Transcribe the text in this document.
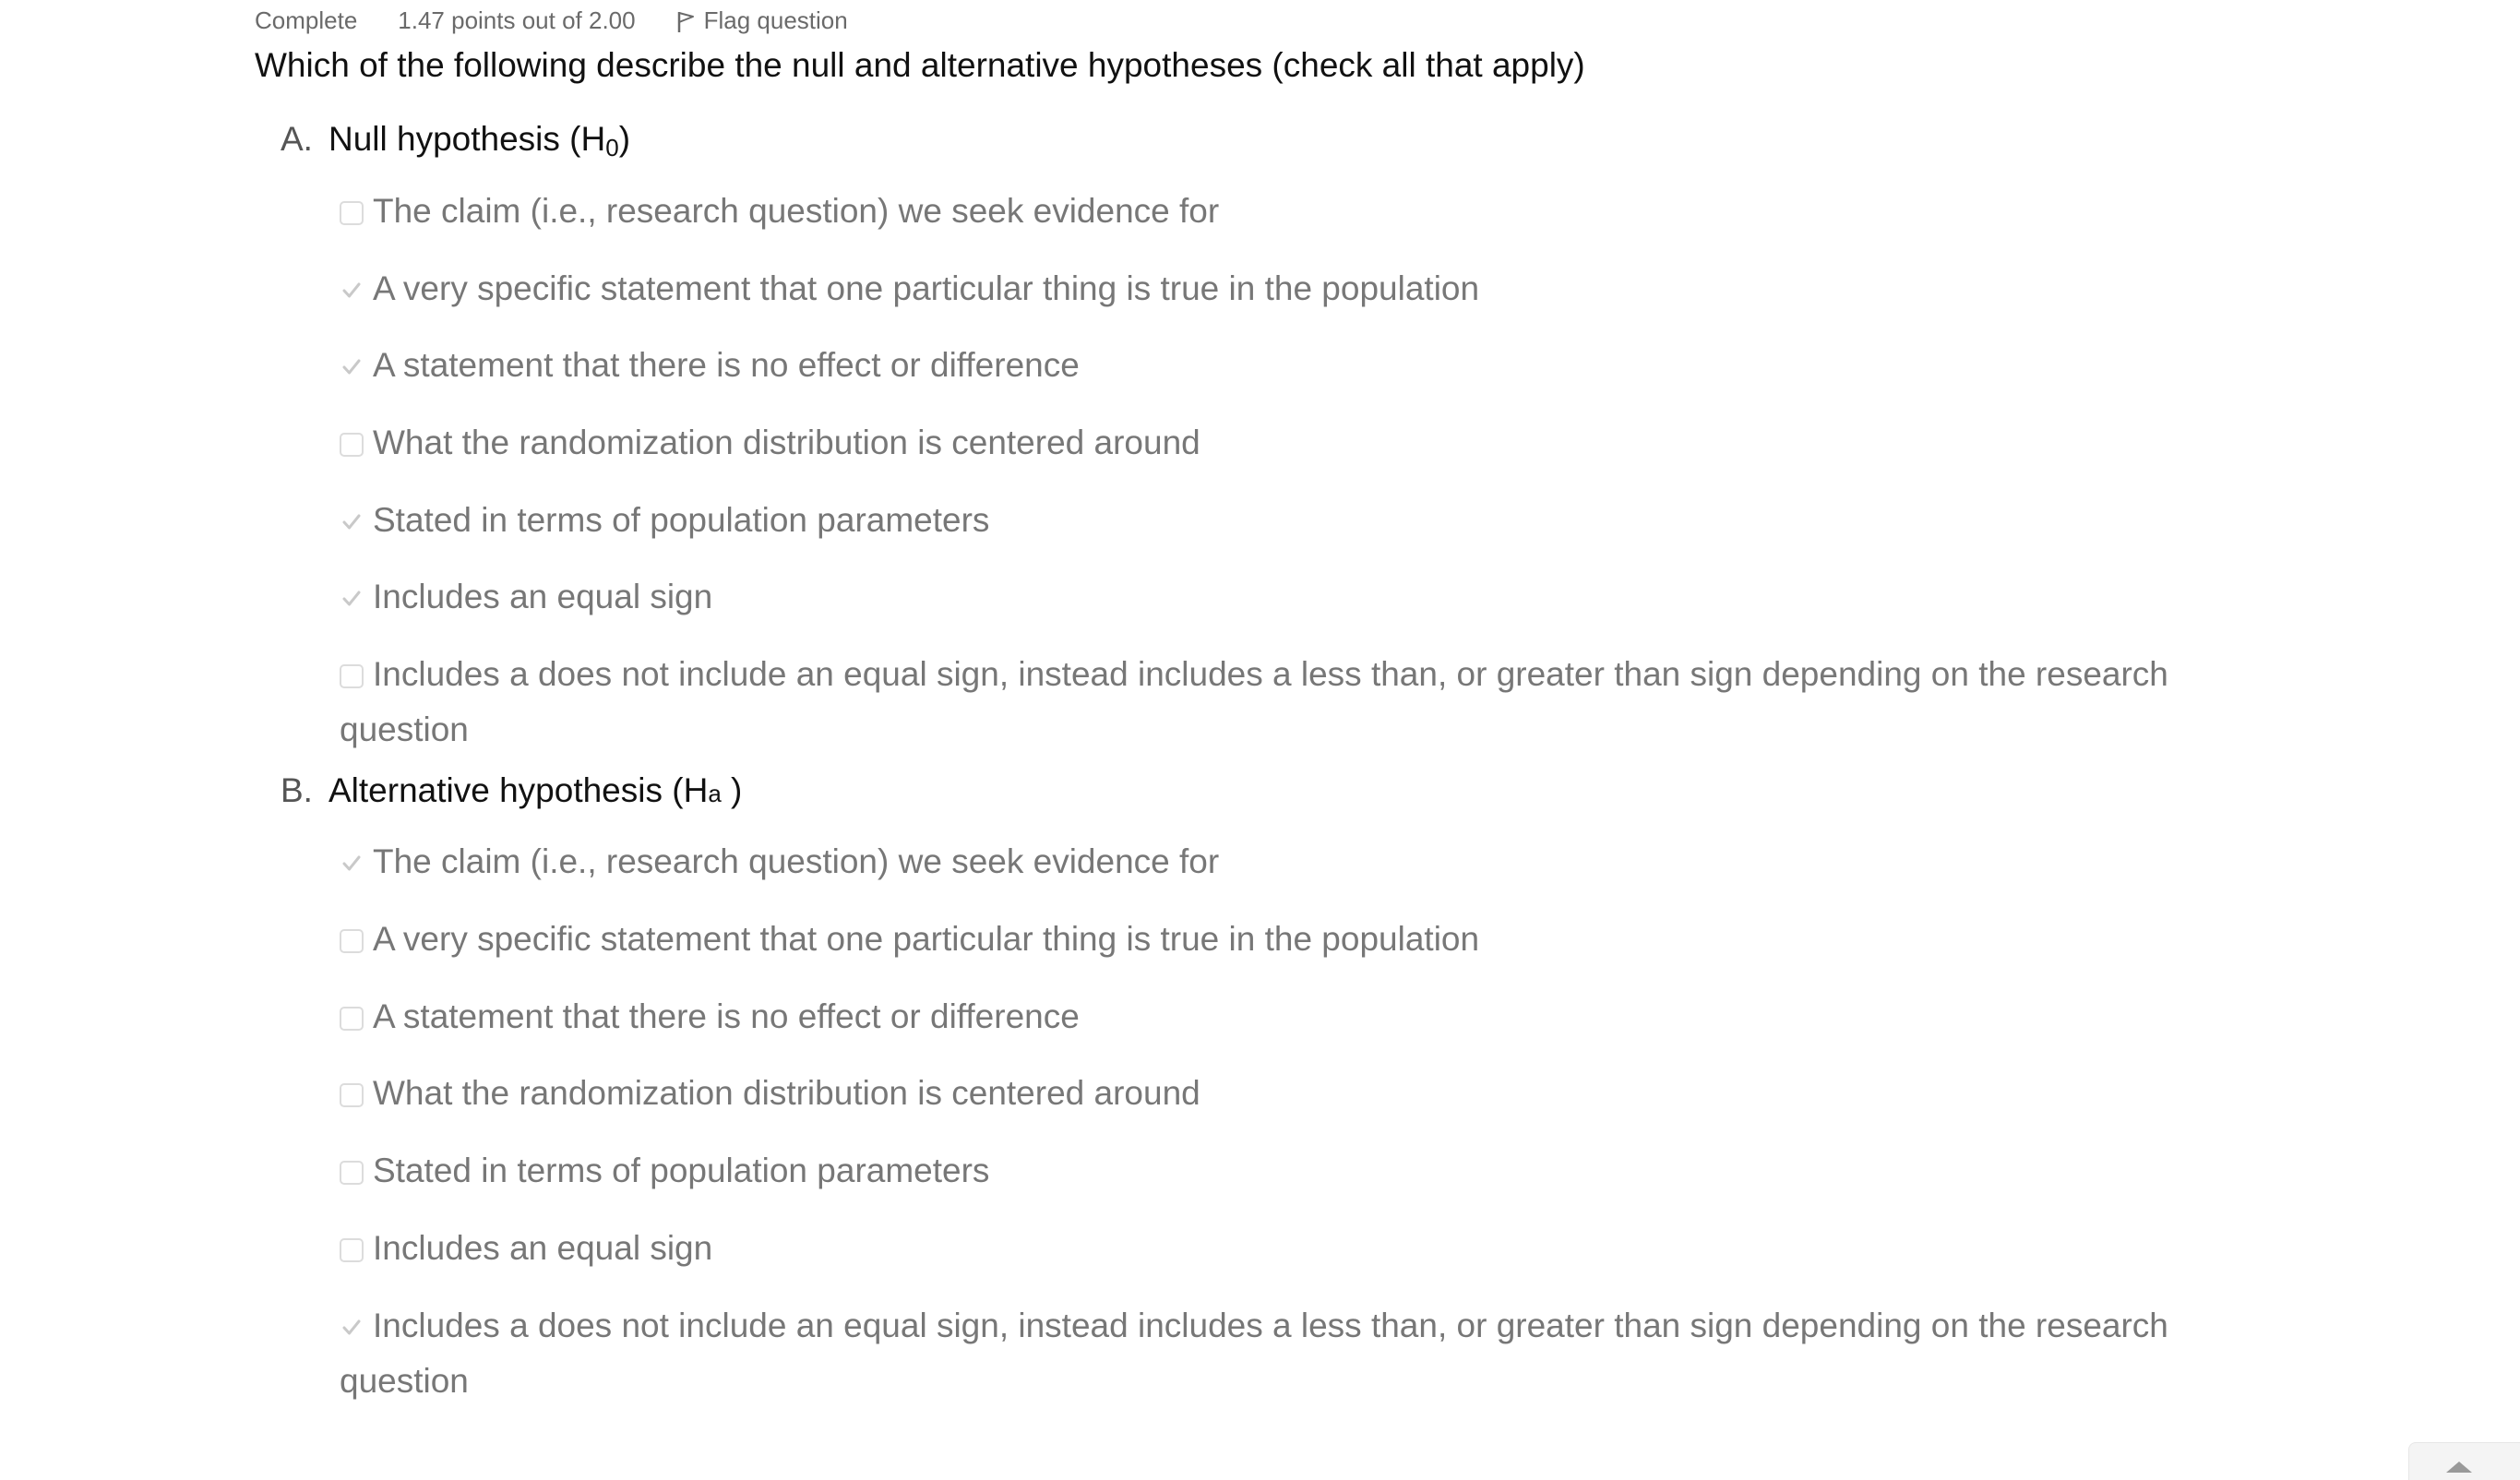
Complete 1.47 points out of 2.00	Flag question
Which of the following describe the null and alternative hypotheses (check all that apply)
A. Null hypothesis $(H_0)$
The claim (i.e., research question) we seek evidence for
A very specific statement that one particular thing is true in the population
A statement that there is no effect or difference
What the randomization distribution is centered around
Stated in terms of population parameters
Includes an equal sign
Includes a does not include an equal sign, instead includes a less than, or greater than sign depending on the research question
B. Alternative hypothesis (Ha )
The claim (i.e., research question) we seek evidence for
A very specific statement that one particular thing is true in the population
A statement that there is no effect or difference
What the randomization distribution is centered around
Stated in terms of population parameters
Includes an equal sign
Includes a does not include an equal sign, instead includes a less than, or greater than sign depending on the research question
